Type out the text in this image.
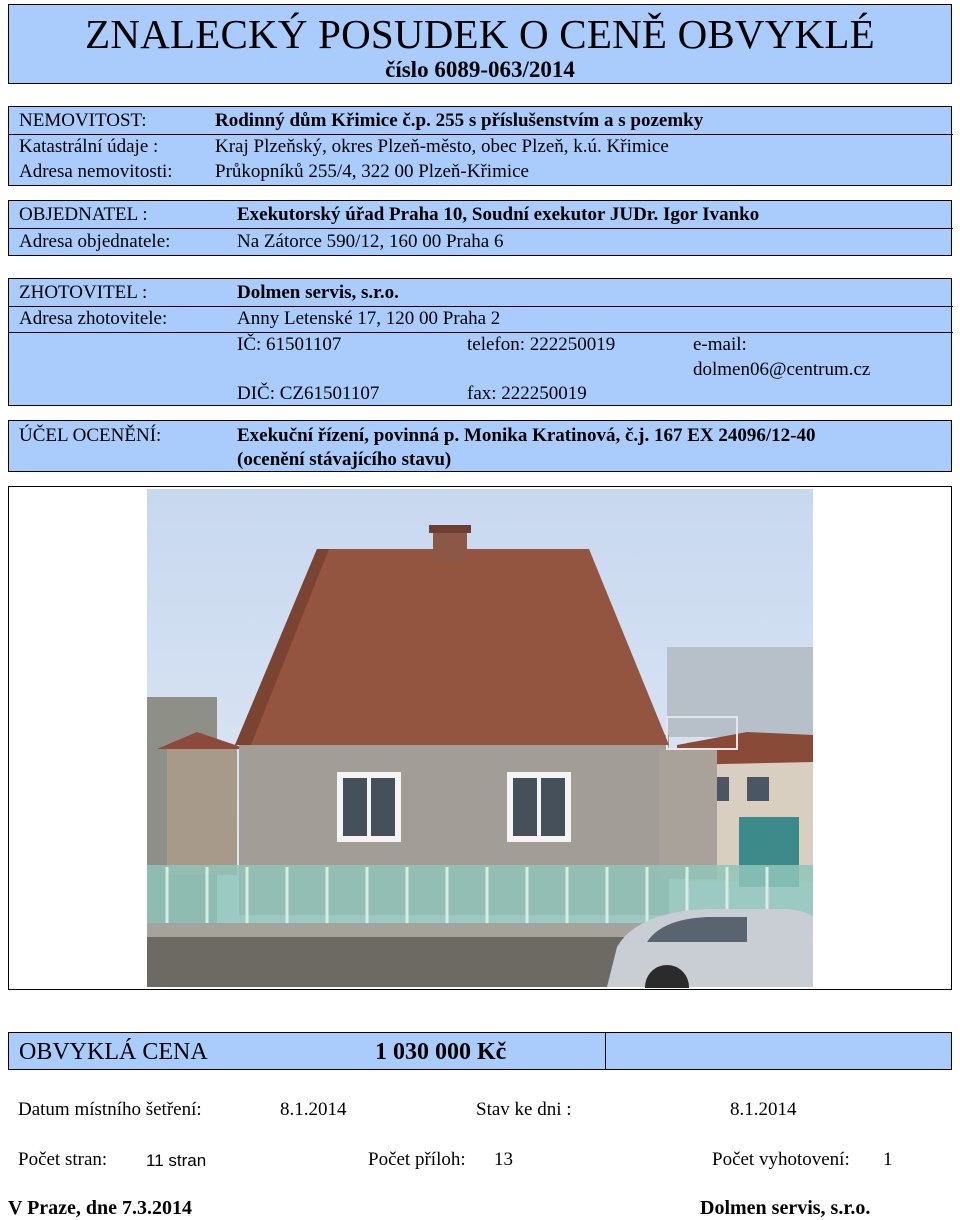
ZNALECKÝ POSUDEK O CENĚ OBVYKLÉ
číslo 6089-063/2014
NEMOVITOST:	Rodinný dům Křimice č.p. 255 s příslušenstvím a s pozemky
Katastrální údaje :	Kraj Plzeňský, okres Plzeň-město, obec Plzeň, k.ú. Křimice
Adresa nemovitosti: Průkopníků 255/4, 322 00 Plzeň-Křimice
OBJEDNATEL :	Exekutorský úřad Praha 10, Soudní exekutor JUDr. Igor Ivanko
Adresa objednatele:	Na Zátorce 590/12, 160 00 Praha 6
ZHOTOVITEL :	Dolmen servis, s.r.o.
Adresa zhotovitele:	Anny Letenské 17, 120 00 Praha 2
IČ: 61501107	telefon: 222250019	e-mail:
dolmen06@centrum.cz
DIČ: CZ61501107	fax: 222250019
ÚČEL OCENĚNÍ:	Exekuční řízení, povinná p. Monika Kratinová, č.j. 167 EX 24096/12-40
(ocenění stávajícího stavu)
OBVYKLÁ CENA	1 030 000 Kč
Datum místního šetření:	8.1.2014	Stav ke dni :	8.1.2014
Počet stran: 11 stran	Počet příloh: 13	Počet vyhotovení: 1
V Praze, dne 7.3.2014	Dolmen servis, s.r.o.
